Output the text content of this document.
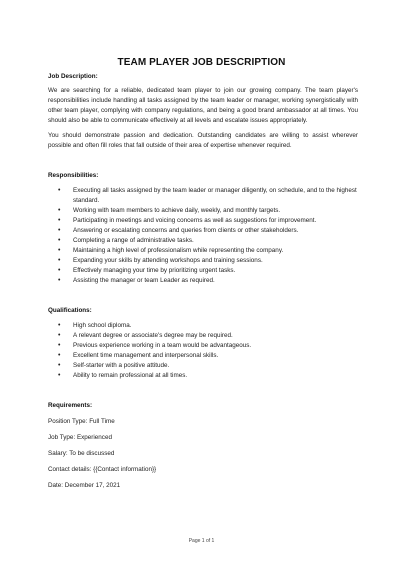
TEAM PLAYER JOB DESCRIPTION
Job Description:

We are searching for a reliable, dedicated team player to join our growing company. The team player's responsibilities include handling all tasks assigned by the team leader or manager, working synergistically with other team player, complying with company regulations, and being a good brand ambassador at all times. You should also be able to communicate effectively at all levels and escalate issues appropriately.

You should demonstrate passion and dedication. Outstanding candidates are willing to assist wherever possible and often fill roles that fall outside of their area of expertise whenever required.

Responsibilities:
• Executing all tasks assigned by the team leader or manager diligently, on schedule, and to the highest standard.
• Working with team members to achieve daily, weekly, and monthly targets.
• Participating in meetings and voicing concerns as well as suggestions for improvement.
• Answering or escalating concerns and queries from clients or other stakeholders.
• Completing a range of administrative tasks.
• Maintaining a high level of professionalism while representing the company.
• Expanding your skills by attending workshops and training sessions.
• Effectively managing your time by prioritizing urgent tasks.
• Assisting the manager or team Leader as required.
Qualifications:
• High school diploma.
• A relevant degree or associate's degree may be required.
• Previous experience working in a team would be advantageous.
• Excellent time management and interpersonal skills.
• Self-starter with a positive attitude.
• Ability to remain professional at all times.
Requirements:
Position Type: Full Time
Job Type: Experienced
Salary: To be discussed
Contact details: {{Contact information}}
Date: December 17, 2021
Page 1 of 1
